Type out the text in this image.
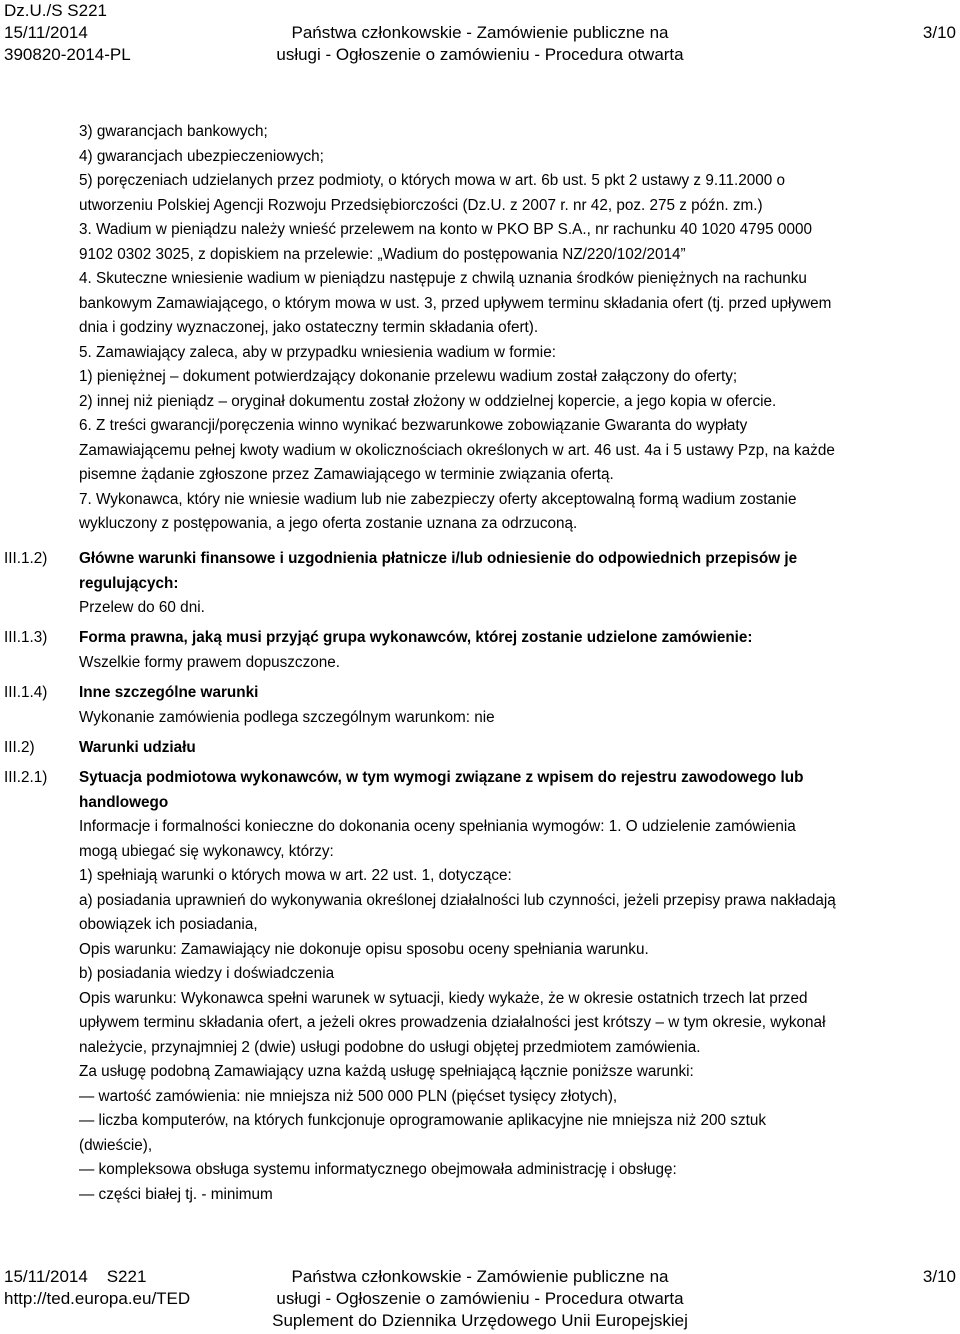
Dz.U./S S221
15/11/2014
390820-2014-PL
Państwa członkowskie - Zamówienie publiczne na
usługi - Ogłoszenie o zamówieniu - Procedura otwarta
3/10
3) gwarancjach bankowych;
4) gwarancjach ubezpieczeniowych;
5) poręczeniach udzielanych przez podmioty, o których mowa w art. 6b ust. 5 pkt 2 ustawy z 9.11.2000 o
utworzeniu Polskiej Agencji Rozwoju Przedsiębiorczości (Dz.U. z 2007 r. nr 42, poz. 275 z późn. zm.)
3. Wadium w pieniądzu należy wnieść przelewem na konto w PKO BP S.A., nr rachunku 40 1020 4795 0000
9102 0302 3025, z dopiskiem na przelewie: „Wadium do postępowania NZ/220/102/2014”
4. Skuteczne wniesienie wadium w pieniądzu następuje z chwilą uznania środków pieniężnych na rachunku
bankowym Zamawiającego, o którym mowa w ust. 3, przed upływem terminu składania ofert (tj. przed upływem
dnia i godziny wyznaczonej, jako ostateczny termin składania ofert).
5. Zamawiający zaleca, aby w przypadku wniesienia wadium w formie:
1) pieniężnej – dokument potwierdzający dokonanie przelewu wadium został załączony do oferty;
2) innej niż pieniądz – oryginał dokumentu został złożony w oddzielnej kopercie, a jego kopia w ofercie.
6. Z treści gwarancji/poręczenia winno wynikać bezwarunkowe zobowiązanie Gwaranta do wypłaty
Zamawiającemu pełnej kwoty wadium w okolicznościach określonych w art. 46 ust. 4a i 5 ustawy Pzp, na każde
pisemne żądanie zgłoszone przez Zamawiającego w terminie związania ofertą.
7. Wykonawca, który nie wniesie wadium lub nie zabezpieczy oferty akceptowalną formą wadium zostanie
wykluczony z postępowania, a jego oferta zostanie uznana za odrzuconą.
Główne warunki finansowe i uzgodnienia płatnicze i/lub odniesienie do odpowiednich przepisów je
regulujących:
Przelew do 60 dni.
Forma prawna, jaką musi przyjąć grupa wykonawców, której zostanie udzielone zamówienie:
Wszelkie formy prawem dopuszczone.
Inne szczególne warunki
Wykonanie zamówienia podlega szczególnym warunkom: nie
Warunki udziału
Sytuacja podmiotowa wykonawców, w tym wymogi związane z wpisem do rejestru zawodowego lub
handlowego
Informacje i formalności konieczne do dokonania oceny spełniania wymogów: 1. O udzielenie zamówienia
mogą ubiegać się wykonawcy, którzy:
1) spełniają warunki o których mowa w art. 22 ust. 1, dotyczące:
a) posiadania uprawnień do wykonywania określonej działalności lub czynności, jeżeli przepisy prawa nakładają
obowiązek ich posiadania,
Opis warunku: Zamawiający nie dokonuje opisu sposobu oceny spełniania warunku.
b) posiadania wiedzy i doświadczenia
Opis warunku: Wykonawca spełni warunek w sytuacji, kiedy wykaże, że w okresie ostatnich trzech lat przed
upływem terminu składania ofert, a jeżeli okres prowadzenia działalności jest krótszy – w tym okresie, wykonał
należycie, przynajmniej 2 (dwie) usługi podobne do usługi objętej przedmiotem zamówienia.
Za usługę podobną Zamawiający uzna każdą usługę spełniającą łącznie poniższe warunki:
— wartość zamówienia: nie mniejsza niż 500 000 PLN (pięćset tysięcy złotych),
— liczba komputerów, na których funkcjonuje oprogramowanie aplikacyjne nie mniejsza niż 200 sztuk
(dwieście),
— kompleksowa obsługa systemu informatycznego obejmowała administrację i obsługę:
— części białej tj. - minimum
III.1.2)
III.1.3)
III.1.4)
III.2)
III.2.1)
15/11/2014    S221
http://ted.europa.eu/TED
Państwa członkowskie - Zamówienie publiczne na
usługi - Ogłoszenie o zamówieniu - Procedura otwarta
Suplement do Dziennika Urzędowego Unii Europejskiej
3/10
